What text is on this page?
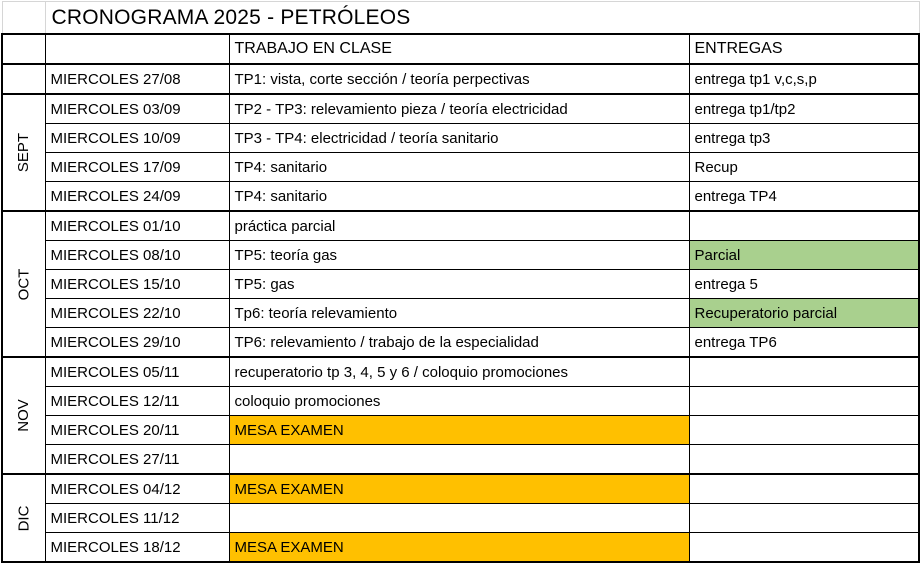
	CRONOGRAMA 2025 - PETRÓLEOS		
		TRABAJO EN CLASE	ENTREGAS
	MIERCOLES 27/08	TP1: vista, corte sección / teoría perpectivas	entrega tp1 v,c,s,p
SEPT	MIERCOLES 03/09	TP2 - TP3: relevamiento pieza / teoría electricidad	entrega tp1/tp2
	MIERCOLES 10/09	TP3 - TP4: electricidad / teoría sanitario	entrega tp3
	MIERCOLES 17/09	TP4: sanitario	Recup
	MIERCOLES 24/09	TP4: sanitario	entrega TP4
OCT	MIERCOLES 01/10	práctica parcial	
	MIERCOLES 08/10	TP5: teoría gas	Parcial
	MIERCOLES 15/10	TP5: gas	entrega 5
	MIERCOLES 22/10	Tp6: teoría relevamiento	Recuperatorio parcial
	MIERCOLES 29/10	TP6: relevamiento / trabajo de la especialidad	entrega TP6
NOV	MIERCOLES 05/11	recuperatorio tp 3, 4, 5 y 6 / coloquio promociones	
	MIERCOLES 12/11	coloquio promociones	
	MIERCOLES 20/11	MESA EXAMEN	
	MIERCOLES 27/11		
DIC	MIERCOLES 04/12	MESA EXAMEN	
	MIERCOLES 11/12		
	MIERCOLES 18/12	MESA EXAMEN	
